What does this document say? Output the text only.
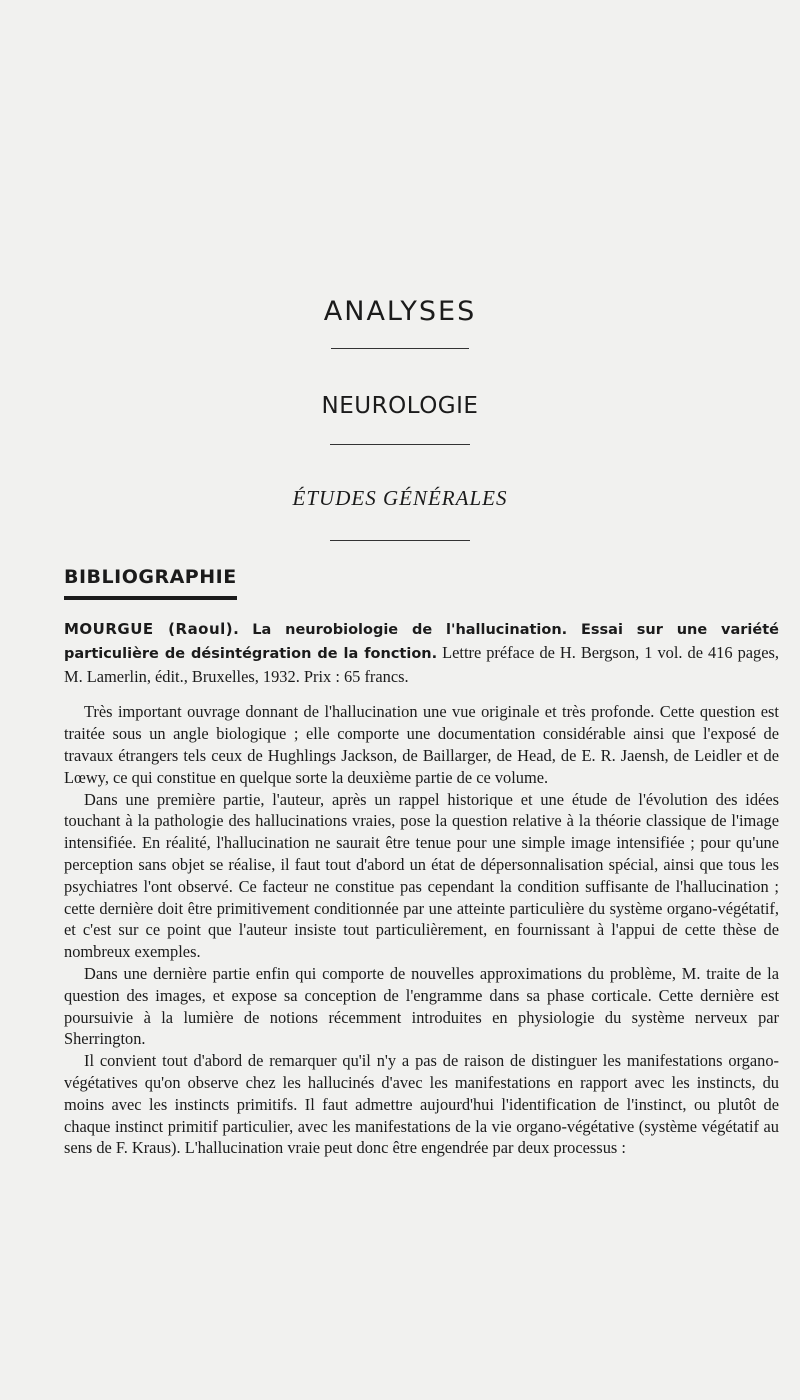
ANALYSES
NEUROLOGIE
ÉTUDES GÉNÉRALES
BIBLIOGRAPHIE

MOURGUE (Raoul). La neurobiologie de l'hallucination. Essai sur une variété particulière de désintégration de la fonction. Lettre préface de H. Bergson, 1 vol. de 416 pages, M. Lamerlin, édit., Bruxelles, 1932. Prix : 65 francs.

Très important ouvrage donnant de l'hallucination une vue originale et très profonde. Cette question est traitée sous un angle biologique ; elle comporte une documentation considérable ainsi que l'exposé de travaux étrangers tels ceux de Hughlings Jackson, de Baillarger, de Head, de E. R. Jaensh, de Leidler et de Lœwy, ce qui constitue en quelque sorte la deuxième partie de ce volume.

Dans une première partie, l'auteur, après un rappel historique et une étude de l'évolution des idées touchant à la pathologie des hallucinations vraies, pose la question relative à la théorie classique de l'image intensifiée. En réalité, l'hallucination ne saurait être tenue pour une simple image intensifiée ; pour qu'une perception sans objet se réalise, il faut tout d'abord un état de dépersonnalisation spécial, ainsi que tous les psychiatres l'ont observé. Ce facteur ne constitue pas cependant la condition suffisante de l'hallucination ; cette dernière doit être primitivement conditionnée par une atteinte particulière du système organo-végétatif, et c'est sur ce point que l'auteur insiste tout particulièrement, en fournissant à l'appui de cette thèse de nombreux exemples.

Dans une dernière partie enfin qui comporte de nouvelles approximations du problème, M. traite de la question des images, et expose sa conception de l'engramme dans sa phase corticale. Cette dernière est poursuivie à la lumière de notions récemment introduites en physiologie du système nerveux par Sherrington.

Il convient tout d'abord de remarquer qu'il n'y a pas de raison de distinguer les manifestations organo-végétatives qu'on observe chez les hallucinés d'avec les manifestations en rapport avec les instincts, du moins avec les instincts primitifs. Il faut admettre aujourd'hui l'identification de l'instinct, ou plutôt de chaque instinct primitif particulier, avec les manifestations de la vie organo-végétative (système végétatif au sens de F. Kraus). L'hallucination vraie peut donc être engendrée par deux processus :
